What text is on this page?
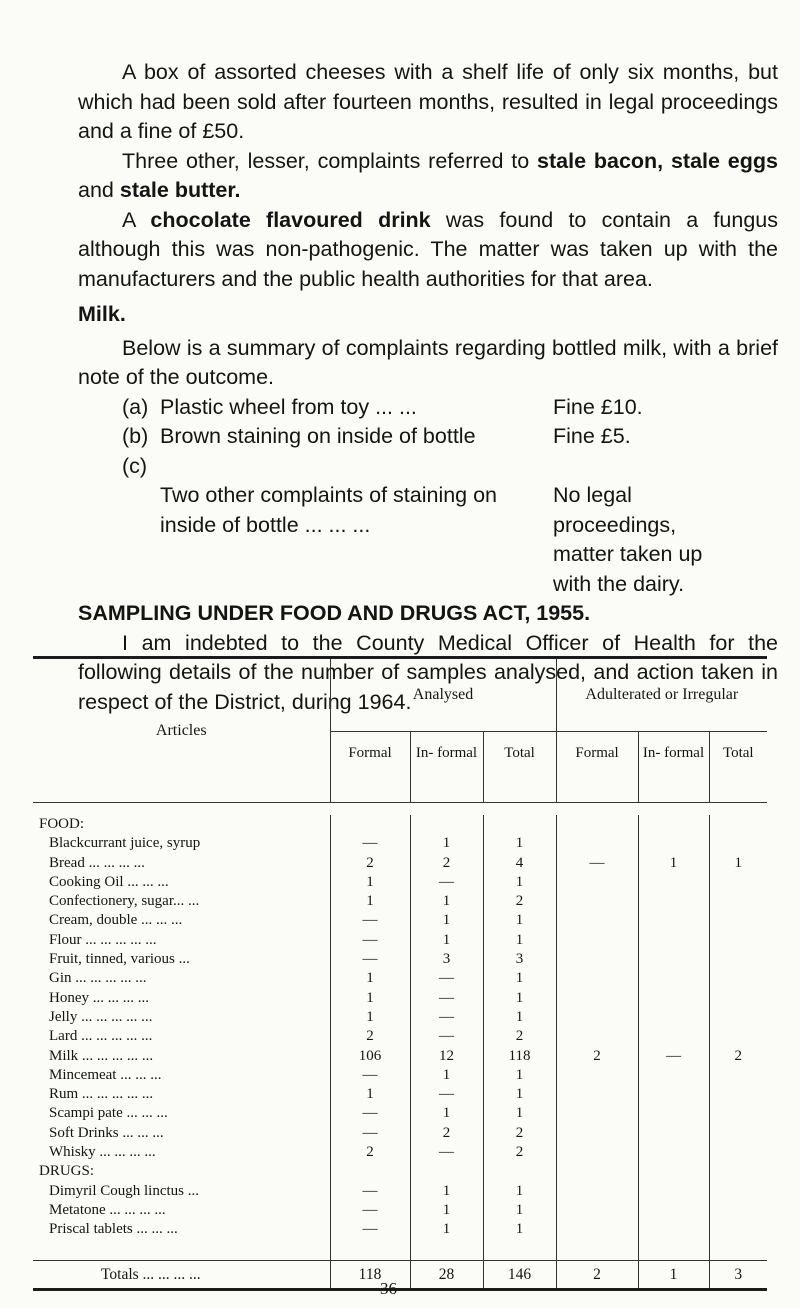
A box of assorted cheeses with a shelf life of only six months, but which had been sold after fourteen months, resulted in legal proceedings and a fine of £50.

Three other, lesser, complaints referred to stale bacon, stale eggs and stale butter.

A chocolate flavoured drink was found to contain a fungus although this was non-pathogenic. The matter was taken up with the manufacturers and the public health authorities for that area.

Milk.

Below is a summary of complaints regarding bottled milk, with a brief note of the outcome.

(a) Plastic wheel from toy ... ...	Fine £10.
(b) Brown staining on inside of bottle	Fine £5.
(c)
Two other complaints of staining on inside of bottle ... ... ...
No legal proceedings, matter taken up with the dairy.
SAMPLING UNDER FOOD AND DRUGS ACT, 1955.

I am indebted to the County Medical Officer of Health for the following details of the number of samples analysed, and action taken in respect of the District, during 1964.

Articles	Analysed			Adulterated or Irregular		
	Formal	In- formal	Total	Formal	In- formal	Total

FOOD:						
Blackcurrant juice, syrup	—	1	1			
Bread ... ... ... ...	2	2	4	—	1	1
Cooking Oil ... ... ...	1	—	1			
Confectionery, sugar... ...	1	1	2			
Cream, double ... ... ...	—	1	1			
Flour ... ... ... ... ...	—	1	1			
Fruit, tinned, various ...	—	3	3			
Gin ... ... ... ... ...	1	—	1			
Honey ... ... ... ...	1	—	1			
Jelly ... ... ... ... ...	1	—	1			
Lard ... ... ... ... ...	2	—	2			
Milk ... ... ... ... ...	106	12	118	2	—	2
Mincemeat ... ... ...	—	1	1			
Rum ... ... ... ... ...	1	—	1			
Scampi pate ... ... ...	—	1	1			
Soft Drinks ... ... ...	—	2	2			
Whisky ... ... ... ...	2	—	2			
DRUGS:						
Dimyril Cough linctus ...	—	1	1			
Metatone ... ... ... ...	—	1	1			
Priscal tablets ... ... ...	—	1	1			

Totals ... ... ... ...	118	28	146	2	1	3
36
